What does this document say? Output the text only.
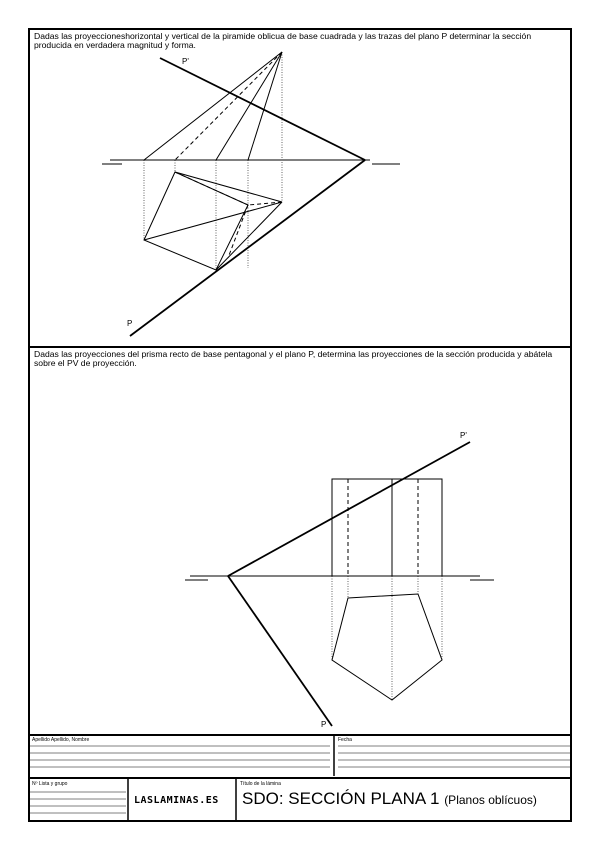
Dadas las proyeccioneshorizontal y vertical de la piramide oblicua de base cuadrada y las trazas del plano P determinar la sección producida en verdadera magnitud y forma.
P'
P
Dadas las proyecciones del prisma recto de base pentagonal y el plano P, determina las proyecciones de la sección producida y abátela sobre el PV de proyección.
P'
P
Apellido Apellido, Nombre	Fecha
Nº Lista y grupo
LASLAMINAS.ES
Título de la lámina
SDO: SECCIÓN PLANA 1 (Planos oblícuos)
